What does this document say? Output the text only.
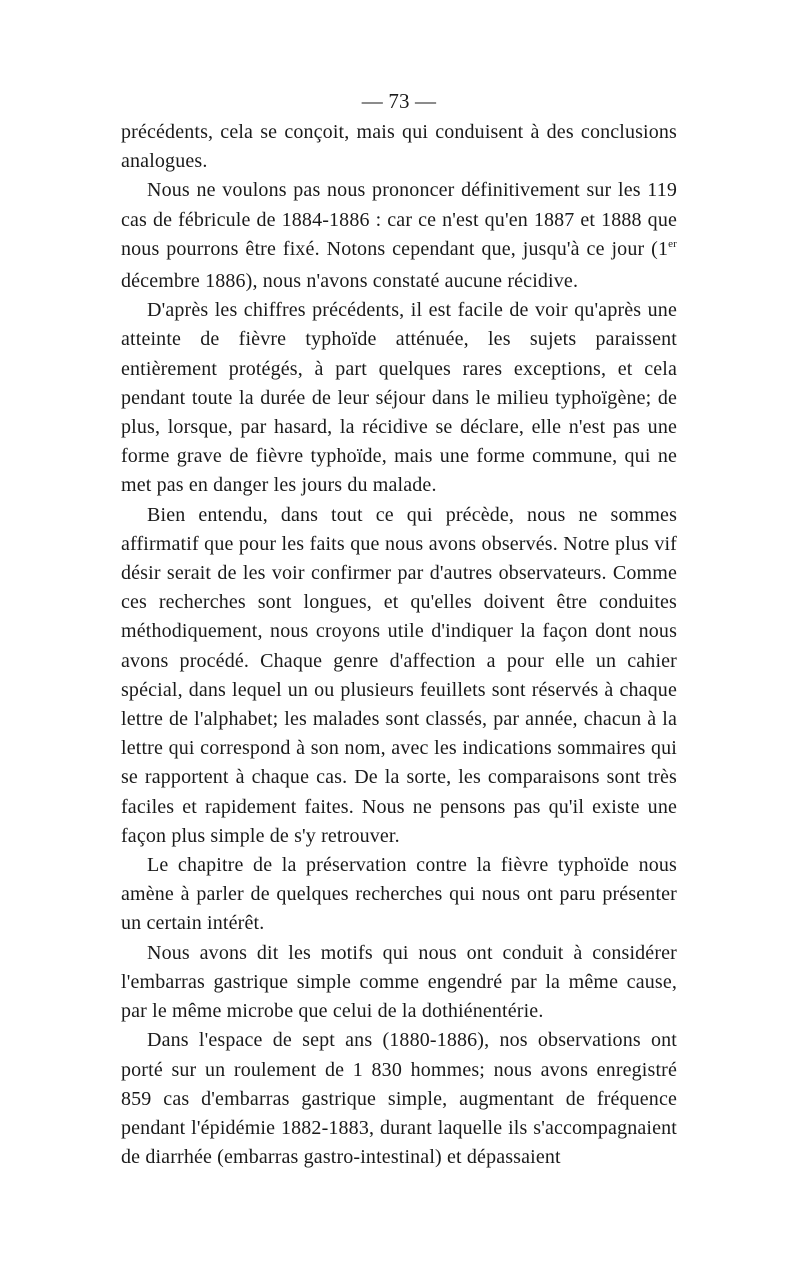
— 73 —

précédents, cela se conçoit, mais qui conduisent à des conclusions analogues.

Nous ne voulons pas nous prononcer définitivement sur les 119 cas de fébricule de 1884-1886 : car ce n'est qu'en 1887 et 1888 que nous pourrons être fixé. Notons cependant que, jusqu'à ce jour (1er décembre 1886), nous n'avons constaté aucune récidive.

D'après les chiffres précédents, il est facile de voir qu'après une atteinte de fièvre typhoïde atténuée, les sujets paraissent entièrement protégés, à part quelques rares exceptions, et cela pendant toute la durée de leur séjour dans le milieu typhoïgène; de plus, lorsque, par hasard, la récidive se déclare, elle n'est pas une forme grave de fièvre typhoïde, mais une forme commune, qui ne met pas en danger les jours du malade.

Bien entendu, dans tout ce qui précède, nous ne sommes affirmatif que pour les faits que nous avons observés. Notre plus vif désir serait de les voir confirmer par d'autres observateurs. Comme ces recherches sont longues, et qu'elles doivent être conduites méthodiquement, nous croyons utile d'indiquer la façon dont nous avons procédé. Chaque genre d'affection a pour elle un cahier spécial, dans lequel un ou plusieurs feuillets sont réservés à chaque lettre de l'alphabet; les malades sont classés, par année, chacun à la lettre qui correspond à son nom, avec les indications sommaires qui se rapportent à chaque cas. De la sorte, les comparaisons sont très faciles et rapidement faites. Nous ne pensons pas qu'il existe une façon plus simple de s'y retrouver.

Le chapitre de la préservation contre la fièvre typhoïde nous amène à parler de quelques recherches qui nous ont paru présenter un certain intérêt.

Nous avons dit les motifs qui nous ont conduit à considérer l'embarras gastrique simple comme engendré par la même cause, par le même microbe que celui de la dothiénentérie.

Dans l'espace de sept ans (1880-1886), nos observations ont porté sur un roulement de 1 830 hommes; nous avons enregistré 859 cas d'embarras gastrique simple, augmentant de fréquence pendant l'épidémie 1882-1883, durant laquelle ils s'accompagnaient de diarrhée (embarras gastro-intestinal) et dépassaient
